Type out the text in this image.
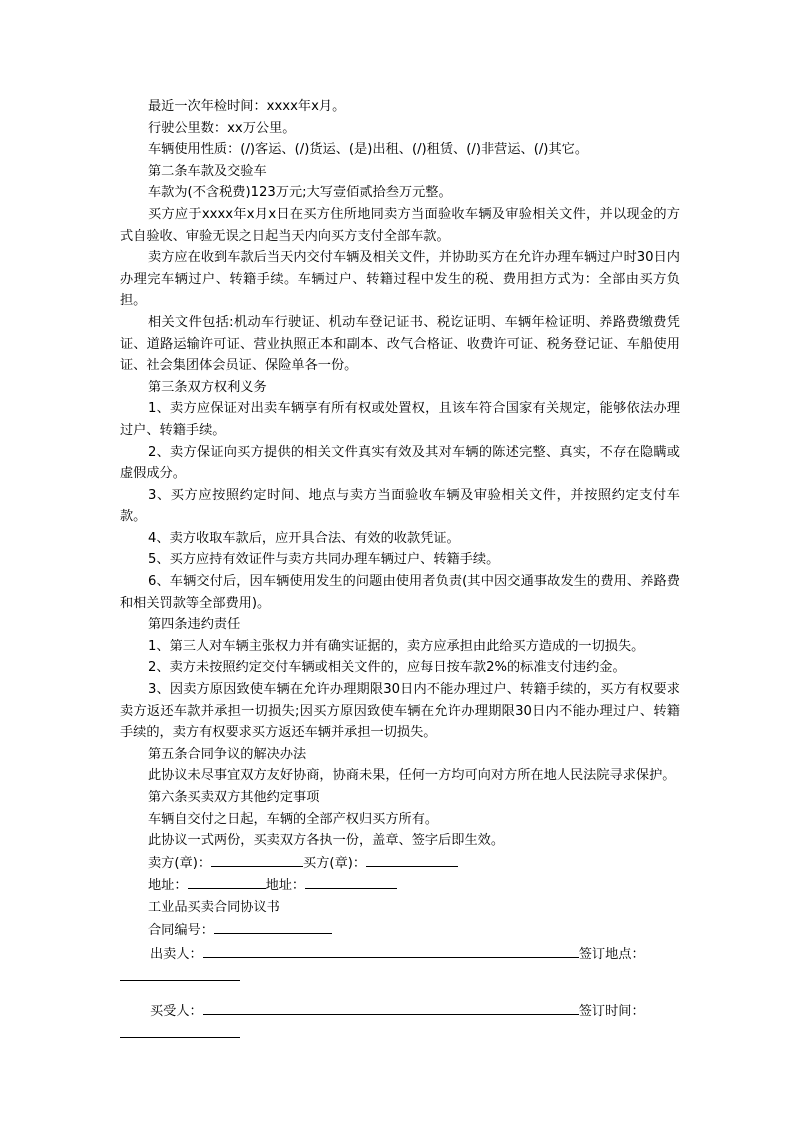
最近一次年检时间：xxxx年x月。

行驶公里数：xx万公里。

车辆使用性质：(/)客运、(/)货运、(是)出租、(/)租赁、(/)非营运、(/)其它。

第二条车款及交验车

车款为(不含税费)123万元;大写壹佰贰拾叁万元整。

买方应于xxxx年x月x日在买方住所地同卖方当面验收车辆及审验相关文件，并以现金的方式自验收、审验无误之日起当天内向买方支付全部车款。

卖方应在收到车款后当天内交付车辆及相关文件，并协助买方在允许办理车辆过户时30日内办理完车辆过户、转籍手续。车辆过户、转籍过程中发生的税、费用担方式为：全部由买方负担。

相关文件包括:机动车行驶证、机动车登记证书、税讫证明、车辆年检证明、养路费缴费凭证、道路运输许可证、营业执照正本和副本、改气合格证、收费许可证、税务登记证、车船使用证、社会集团体会员证、保险单各一份。

第三条双方权利义务

1、卖方应保证对出卖车辆享有所有权或处置权，且该车符合国家有关规定，能够依法办理过户、转籍手续。

2、卖方保证向买方提供的相关文件真实有效及其对车辆的陈述完整、真实，不存在隐瞒或虚假成分。

3、买方应按照约定时间、地点与卖方当面验收车辆及审验相关文件，并按照约定支付车款。

4、卖方收取车款后，应开具合法、有效的收款凭证。

5、买方应持有效证件与卖方共同办理车辆过户、转籍手续。

6、车辆交付后，因车辆使用发生的问题由使用者负责(其中因交通事故发生的费用、养路费和相关罚款等全部费用)。

第四条违约责任

1、第三人对车辆主张权力并有确实证据的，卖方应承担由此给买方造成的一切损失。

2、卖方未按照约定交付车辆或相关文件的，应每日按车款2%的标准支付违约金。

3、因卖方原因致使车辆在允许办理期限30日内不能办理过户、转籍手续的，买方有权要求卖方返还车款并承担一切损失;因买方原因致使车辆在允许办理期限30日内不能办理过户、转籍手续的，卖方有权要求买方返还车辆并承担一切损失。

第五条合同争议的解决办法

此协议未尽事宜双方友好协商，协商未果，任何一方均可向对方所在地人民法院寻求保护。

第六条买卖双方其他约定事项

车辆自交付之日起，车辆的全部产权归买方所有。

此协议一式两份，买卖双方各执一份，盖章、签字后即生效。

卖方(章)：	买方(章)：

地址：	地址：

工业品买卖合同协议书

合同编号：

出卖人：	签订地点：

买受人：	签订时间：
